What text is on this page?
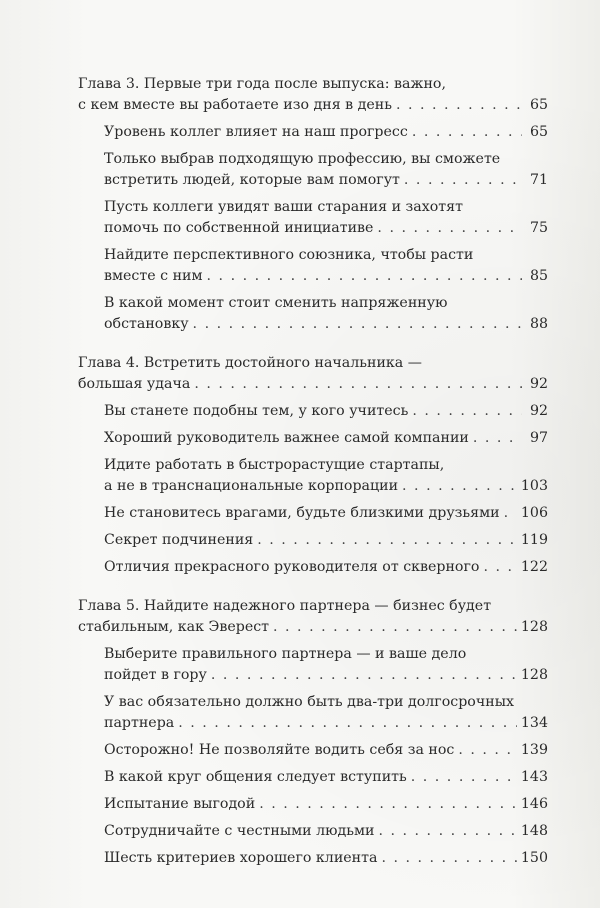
Глава 3. Первые три года после выпуска: важно,
с кем вместе вы работаете изо дня в день . . .	65
Уровень коллег влияет на наш прогресс . . .	65
Только выбрав подходящую профессию, вы сможете
встретить людей, которые вам помогут . . .	71
Пусть коллеги увидят ваши старания и захотят
помочь по собственной инициативе . . .	75
Найдите перспективного союзника, чтобы расти
вместе с ним . . .	85
В какой момент стоит сменить напряженную
обстановку . . .	88
Глава 4. Встретить достойного начальника —
большая удача . . .	92
Вы станете подобны тем, у кого учитесь . . .	92
Хороший руководитель важнее самой компании . . .	97
Идите работать в быстрорастущие стартапы,
а не в транснациональные корпорации . . .	103
Не становитесь врагами, будьте близкими друзьями . . . 106
Секрет подчинения . . .	119
Отличия прекрасного руководителя от скверного . . .	122
Глава 5. Найдите надежного партнера — бизнес будет
стабильным, как Эверест . . .	128
Выберите правильного партнера — и ваше дело
пойдет в гору . . .	128
У вас обязательно должно быть два-три долгосрочных
партнера . . .	134
Осторожно! Не позволяйте водить себя за нос . . .	139
В какой круг общения следует вступить . . .	143
Испытание выгодой . . .	146
Сотрудничайте с честными людьми . . .	148
Шесть критериев хорошего клиента . . .	150
